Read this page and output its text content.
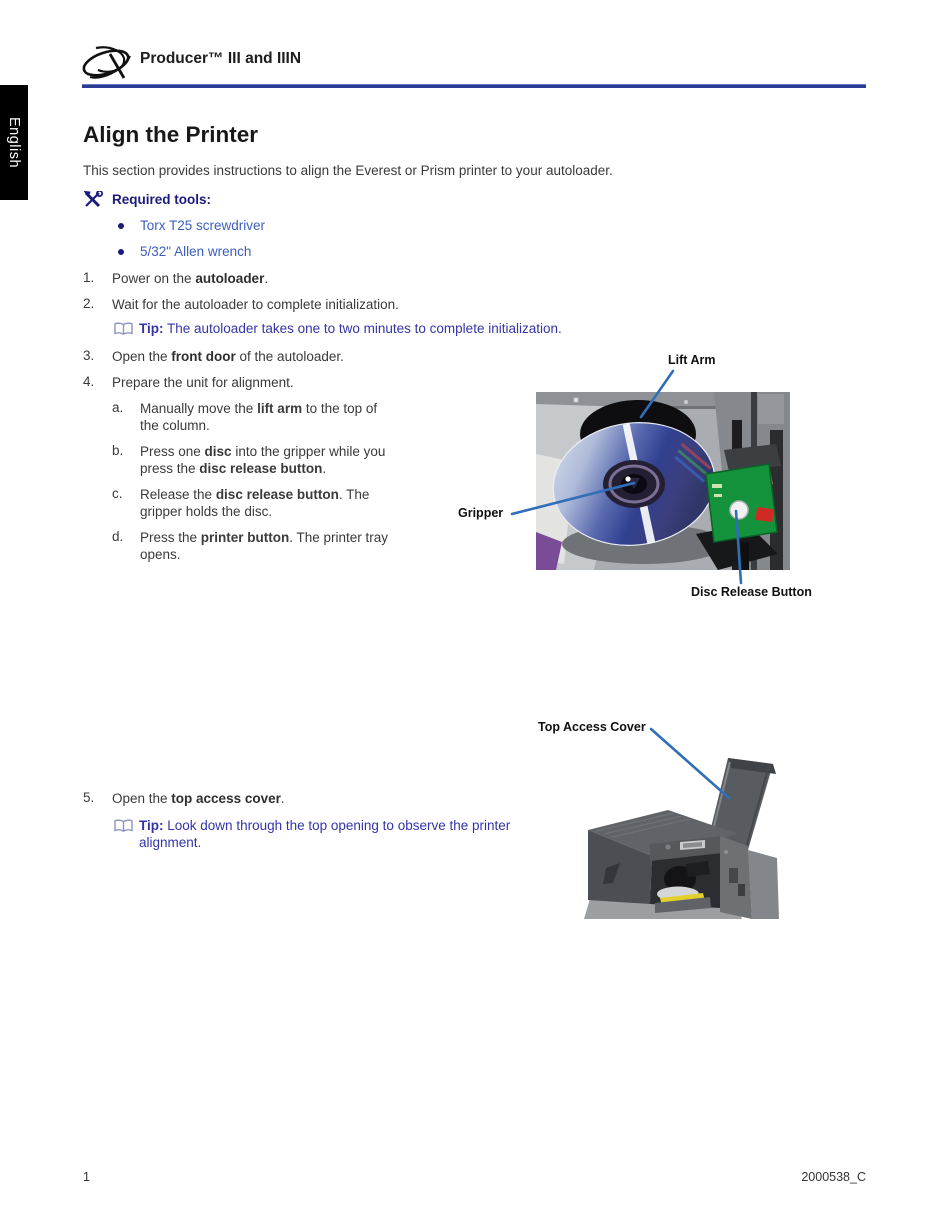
Producer™ III and IIIN
English	Align the Printer
This section provides instructions to align the Everest or Prism printer to your autoloader.
Required tools:
Torx T25 screwdriver
5/32" Allen wrench
1. Power on the autoloader.
2. Wait for the autoloader to complete initialization.
Tip: The autoloader takes one to two minutes to complete initialization.
3. Open the front door of the autoloader.
4. Prepare the unit for alignment.
a. Manually move the lift arm to the top of the column.
b. Press one disc into the gripper while you press the disc release button.
c. Release the disc release button. The gripper holds the disc.
d. Press the printer button. The printer tray opens.
Lift Arm
Gripper
Disc Release Button
Top Access Cover
5. Open the top access cover.
Tip: Look down through the top opening to observe the printer alignment.
1	2000538_C
